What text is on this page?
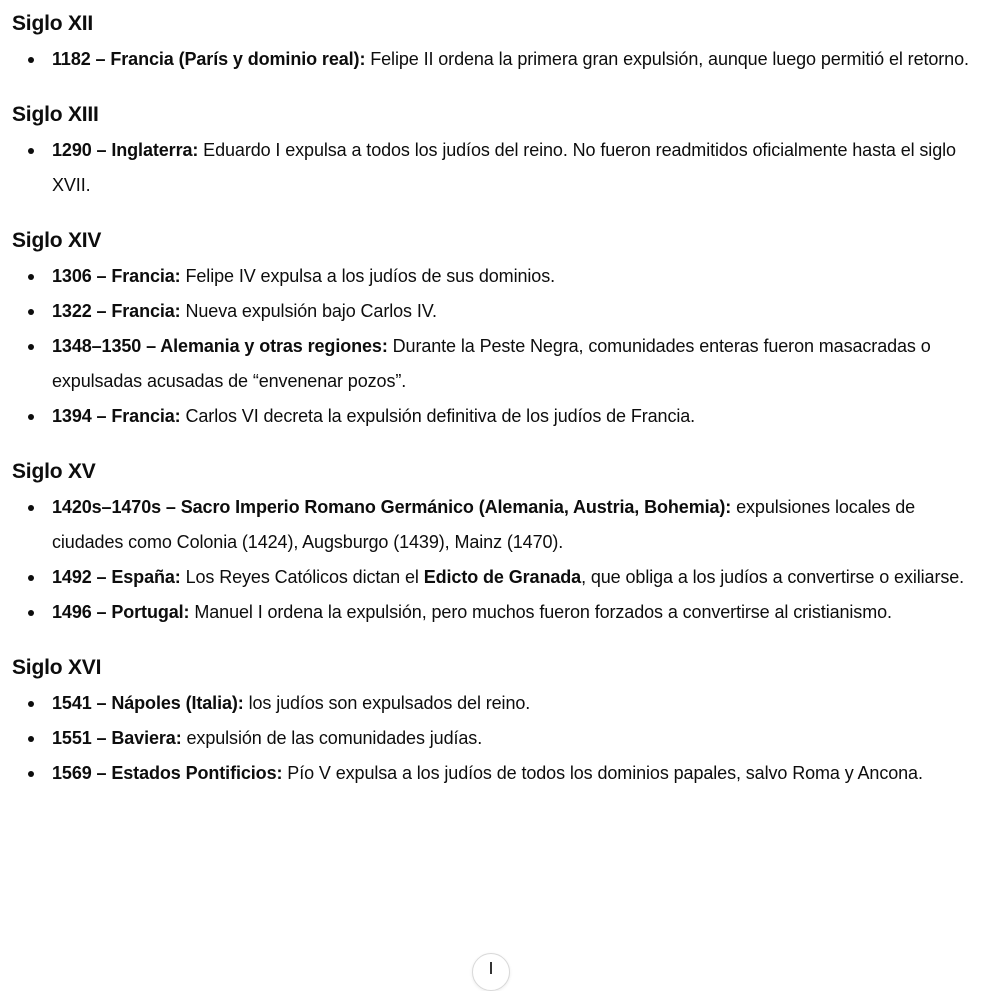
Siglo XII
1182 – Francia (París y dominio real): Felipe II ordena la primera gran expulsión, aunque luego permitió el retorno.
Siglo XIII
1290 – Inglaterra: Eduardo I expulsa a todos los judíos del reino. No fueron readmitidos oficialmente hasta el siglo XVII.
Siglo XIV
1306 – Francia: Felipe IV expulsa a los judíos de sus dominios.
1322 – Francia: Nueva expulsión bajo Carlos IV.
1348–1350 – Alemania y otras regiones: Durante la Peste Negra, comunidades enteras fueron masacradas o expulsadas acusadas de “envenenar pozos”.
1394 – Francia: Carlos VI decreta la expulsión definitiva de los judíos de Francia.
Siglo XV
1420s–1470s – Sacro Imperio Romano Germánico (Alemania, Austria, Bohemia): expulsiones locales de ciudades como Colonia (1424), Augsburgo (1439), Mainz (1470).
1492 – España: Los Reyes Católicos dictan el Edicto de Granada, que obliga a los judíos a convertirse o exiliarse.
1496 – Portugal: Manuel I ordena la expulsión, pero muchos fueron forzados a convertirse al cristianismo.
Siglo XVI
1541 – Nápoles (Italia): los judíos son expulsados del reino.
1551 – Baviera: expulsión de las comunidades judías.
1569 – Estados Pontificios: Pío V expulsa a los judíos de todos los dominios papales, salvo Roma y Ancona.
